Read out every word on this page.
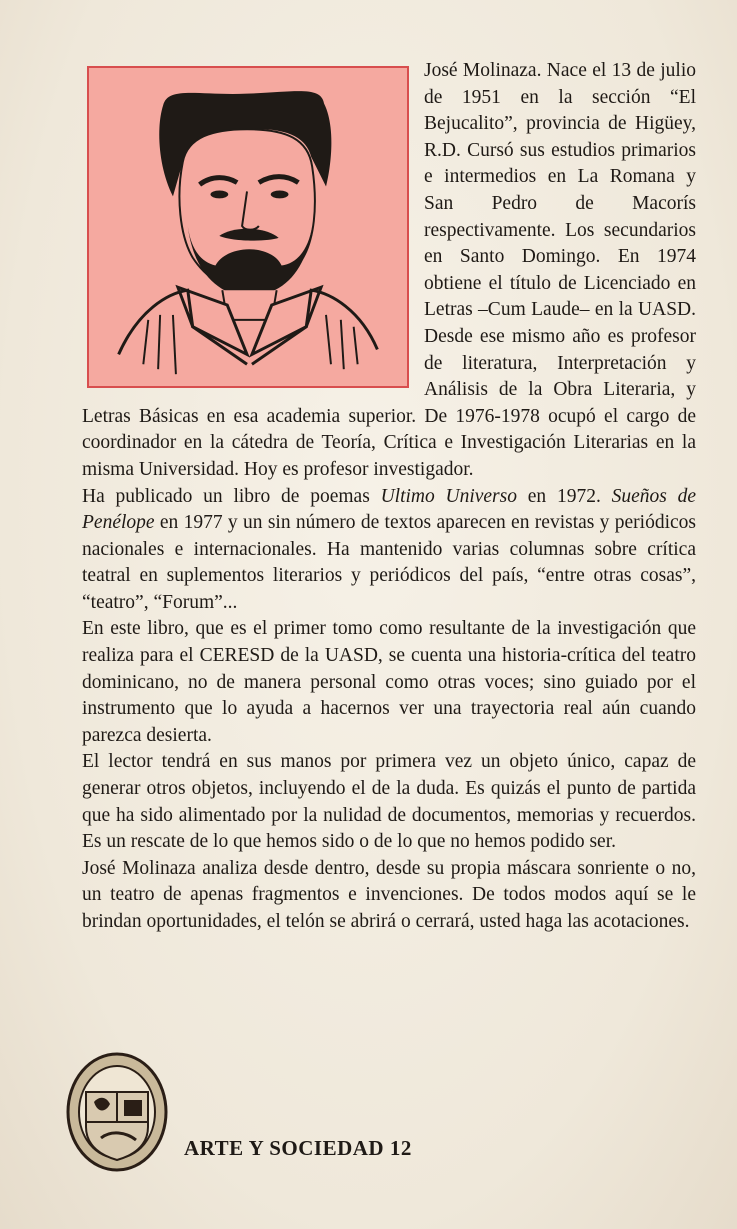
José Molinaza. Nace el 13 de julio de 1951 en la sección “El Bejucalito”, provincia de Higüey, R.D. Cursó sus estudios primarios e intermedios en La Romana y San Pedro de Macorís respectivamente. Los secundarios en Santo Domingo. En 1974 obtiene el título de Licenciado en Letras –Cum Laude– en la UASD. Desde ese mismo año es profesor de literatura, Interpretación y Análisis de la Obra Literaria, y Letras Básicas en esa academia superior. De 1976-1978 ocupó el cargo de coordinador en la cátedra de Teoría, Crítica e Investigación Literarias en la misma Universidad. Hoy es profesor investigador.

Ha publicado un libro de poemas Ultimo Universo en 1972. Sueños de Penélope en 1977 y un sin número de textos aparecen en revistas y periódicos nacionales e internacionales. Ha mantenido varias columnas sobre crítica teatral en suplementos literarios y periódicos del país, “entre otras cosas”, “teatro”, “Forum”...

En este libro, que es el primer tomo como resultante de la investigación que realiza para el CERESD de la UASD, se cuenta una historia-crítica del teatro dominicano, no de manera personal como otras voces; sino guiado por el instrumento que lo ayuda a hacernos ver una trayectoria real aún cuando parezca desierta.

El lector tendrá en sus manos por primera vez un objeto único, capaz de generar otros objetos, incluyendo el de la duda. Es quizás el punto de partida que ha sido alimentado por la nulidad de documentos, memorias y recuerdos. Es un rescate de lo que hemos sido o de lo que no hemos podido ser.

José Molinaza analiza desde dentro, desde su propia máscara sonriente o no, un teatro de apenas fragmentos e invenciones. De todos modos aquí se le brindan oportunidades, el telón se abrirá o cerrará, usted haga las acotaciones.

ARTE Y SOCIEDAD 12
